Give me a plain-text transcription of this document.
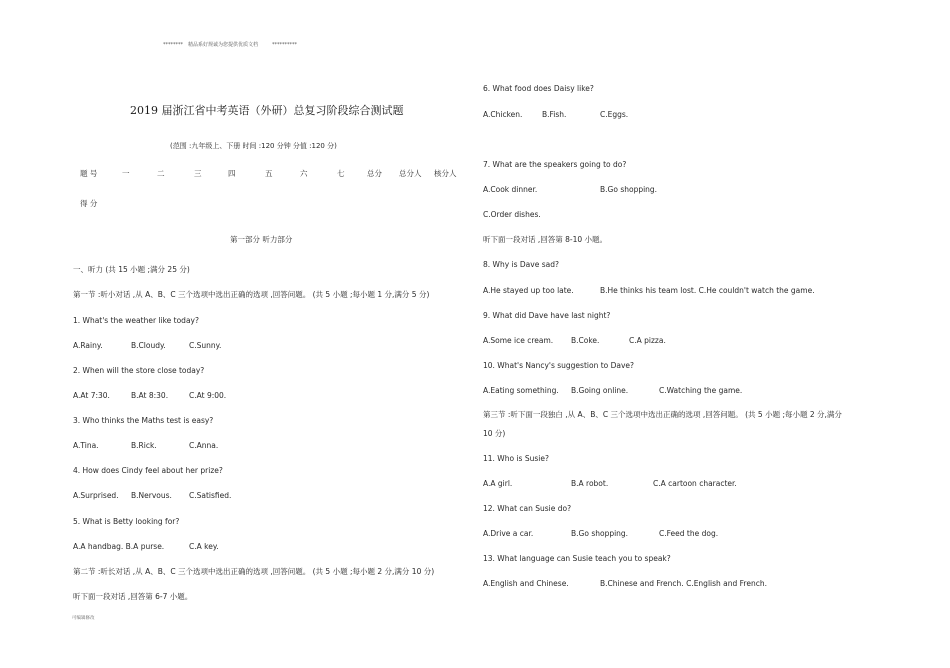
******** 精品系好规诚为您提供优质文档	**********
2019 届浙江省中考英语（外研）总复习阶段综合测试题
(范围 :九年级上、下册 时间 :120 分钟 分值 :120 分)
题 号	一	二	三	四	五	六	七	总分 总分人 核分人
得 分
第一部分 听力部分
一、听力 (共 15 小题 ;满分 25 分)
第一节 :听小对话 ,从 A、B、C 三个选项中选出正确的选项 ,回答问题。 (共 5 小题 ;每小题 1 分,满分 5 分)
1. What's the weather like today?
A.Rainy.	B.Cloudy.	C.Sunny.
2. When will the store close today?
A.At 7:30.	B.At 8:30.	C.At 9:00.
3. Who thinks the Maths test is easy?
A.Tina.	B.Rick.	C.Anna.
4. How does Cindy feel about her prize?
A.Surprised. B.Nervous. C.Satisfied.
5. What is Betty looking for?
A.A handbag. B.A purse.	C.A key.
第二节 :听长对话 ,从 A、B、C 三个选项中选出正确的选项 ,回答问题。 (共 5 小题 ;每小题 2 分,满分 10 分)
听下面一段对话 ,回答第 6-7 小题。
可编辑修改
6. What food does Daisy like?
A.Chicken.	B.Fish.	C.Eggs.
7. What are the speakers going to do?
A.Cook dinner.	B.Go shopping.
C.Order dishes.
听下面一段对话 ,回答第 8-10 小题。
8. Why is Dave sad?
A.He stayed up too late.	B.He thinks his team lost. C.He couldn't watch the game.
9. What did Dave have last night?
A.Some ice cream. B.Coke.	C.A pizza.
10. What's Nancy's suggestion to Dave?
A.Eating something. B.Going online.	C.Watching the game.
第三节 :听下面一段独白 ,从 A、B、C 三个选项中选出正确的选项 ,回答问题。 (共 5 小题 ;每小题 2 分,满分
10 分)
11. Who is Susie?
A.A girl.	B.A robot.	C.A cartoon character.
12. What can Susie do?
A.Drive a car.	B.Go shopping.	C.Feed the dog.
13. What language can Susie teach you to speak?
A.English and Chinese.	B.Chinese and French. C.English and French.
